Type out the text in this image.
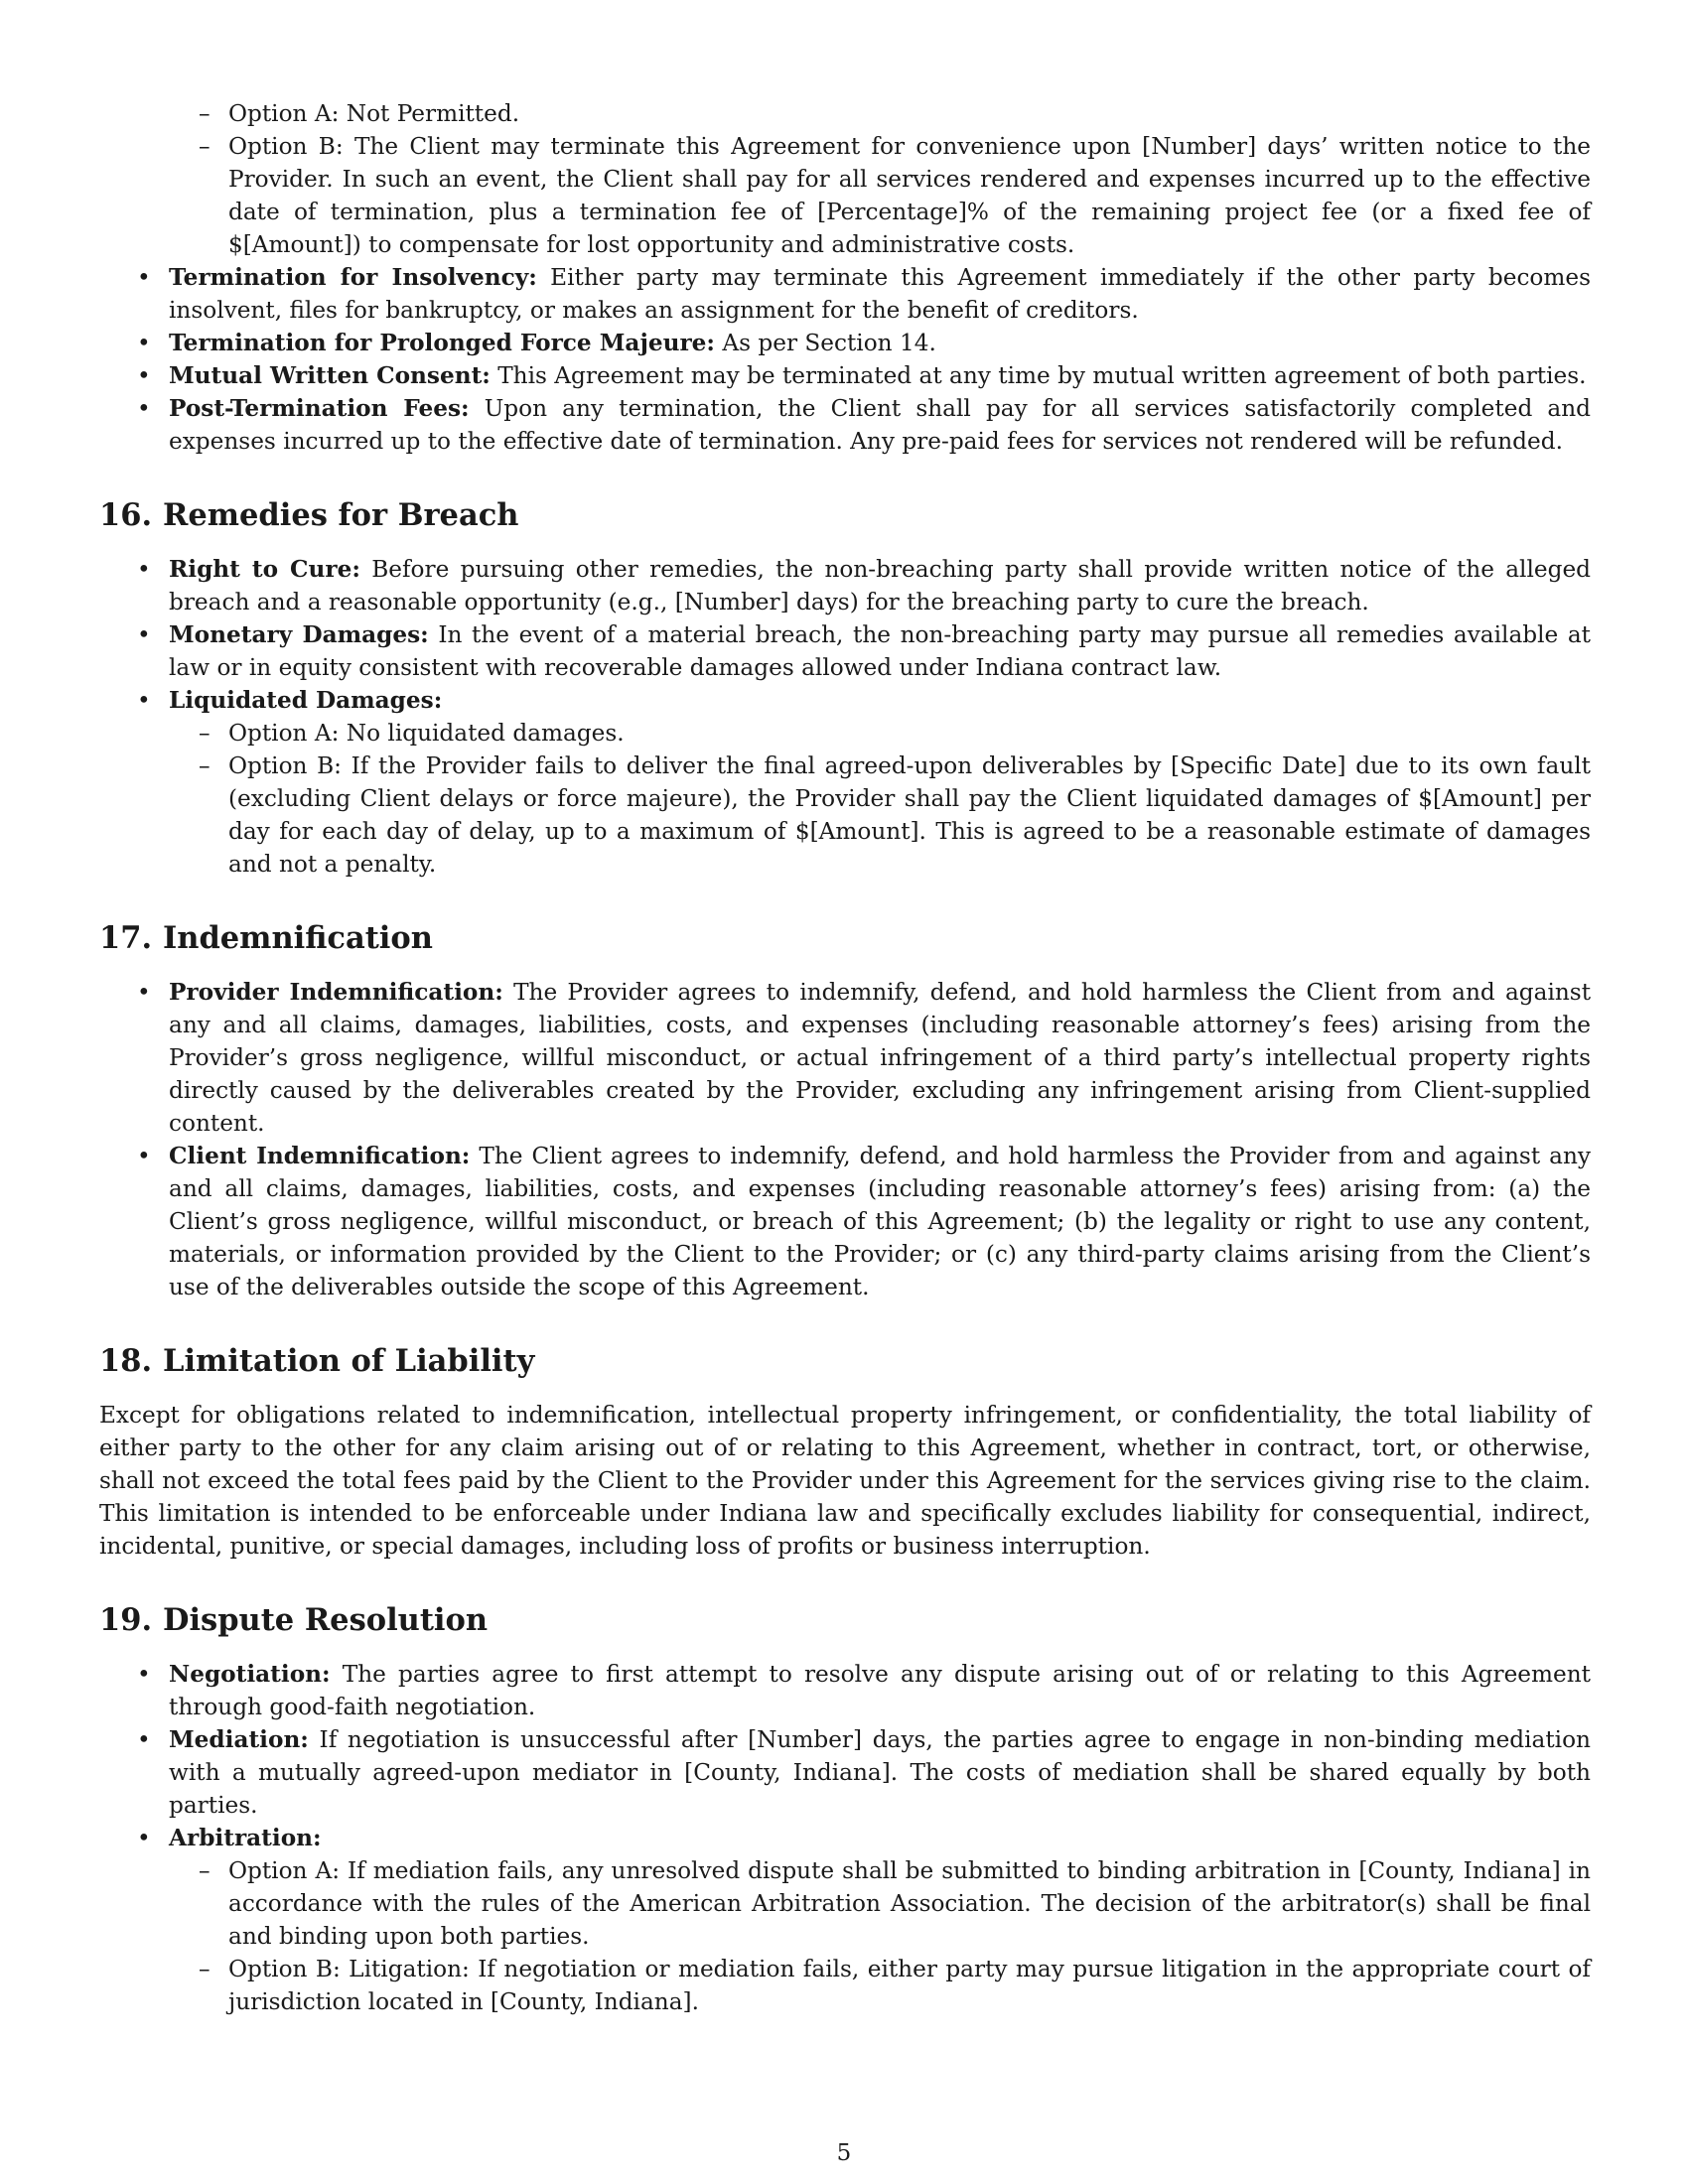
– Option A: Not Permitted.
– Option B: The Client may terminate this Agreement for convenience upon [Number] days’ written notice to the Provider. In such an event, the Client shall pay for all services rendered and expenses incurred up to the effective date of termination, plus a termination fee of [Percentage]% of the remaining project fee (or a fixed fee of $[Amount]) to compensate for lost opportunity and administrative costs.
• Termination for Insolvency: Either party may terminate this Agreement immediately if the other party becomes insolvent, files for bankruptcy, or makes an assignment for the benefit of creditors.
• Termination for Prolonged Force Majeure: As per Section 14.
• Mutual Written Consent: This Agreement may be terminated at any time by mutual written agreement of both parties.
• Post-Termination Fees: Upon any termination, the Client shall pay for all services satisfactorily completed and expenses incurred up to the effective date of termination. Any pre-paid fees for services not rendered will be refunded.
16. Remedies for Breach
• Right to Cure: Before pursuing other remedies, the non-breaching party shall provide written notice of the alleged breach and a reasonable opportunity (e.g., [Number] days) for the breaching party to cure the breach.
• Monetary Damages: In the event of a material breach, the non-breaching party may pursue all remedies available at law or in equity consistent with recoverable damages allowed under Indiana contract law.
• Liquidated Damages:
– Option A: No liquidated damages.
– Option B: If the Provider fails to deliver the final agreed-upon deliverables by [Specific Date] due to its own fault (excluding Client delays or force majeure), the Provider shall pay the Client liquidated damages of $[Amount] per day for each day of delay, up to a maximum of $[Amount]. This is agreed to be a reasonable estimate of damages and not a penalty.
17. Indemnification
• Provider Indemnification: The Provider agrees to indemnify, defend, and hold harmless the Client from and against any and all claims, damages, liabilities, costs, and expenses (including reasonable attorney’s fees) arising from the Provider’s gross negligence, willful misconduct, or actual infringement of a third party’s intellectual property rights directly caused by the deliverables created by the Provider, excluding any infringement arising from Client-supplied content.
• Client Indemnification: The Client agrees to indemnify, defend, and hold harmless the Provider from and against any and all claims, damages, liabilities, costs, and expenses (including reasonable attorney’s fees) arising from: (a) the Client’s gross negligence, willful misconduct, or breach of this Agreement; (b) the legality or right to use any content, materials, or information provided by the Client to the Provider; or (c) any third-party claims arising from the Client’s use of the deliverables outside the scope of this Agreement.
18. Limitation of Liability

Except for obligations related to indemnification, intellectual property infringement, or confidentiality, the total liability of either party to the other for any claim arising out of or relating to this Agreement, whether in contract, tort, or otherwise, shall not exceed the total fees paid by the Client to the Provider under this Agreement for the services giving rise to the claim. This limitation is intended to be enforceable under Indiana law and specifically excludes liability for consequential, indirect, incidental, punitive, or special damages, including loss of profits or business interruption.

19. Dispute Resolution
• Negotiation: The parties agree to first attempt to resolve any dispute arising out of or relating to this Agreement through good-faith negotiation.
• Mediation: If negotiation is unsuccessful after [Number] days, the parties agree to engage in non-binding mediation with a mutually agreed-upon mediator in [County, Indiana]. The costs of mediation shall be shared equally by both parties.
• Arbitration:
– Option A: If mediation fails, any unresolved dispute shall be submitted to binding arbitration in [County, Indiana] in accordance with the rules of the American Arbitration Association. The decision of the arbitrator(s) shall be final and binding upon both parties.
– Option B: Litigation: If negotiation or mediation fails, either party may pursue litigation in the appropriate court of jurisdiction located in [County, Indiana].
5
